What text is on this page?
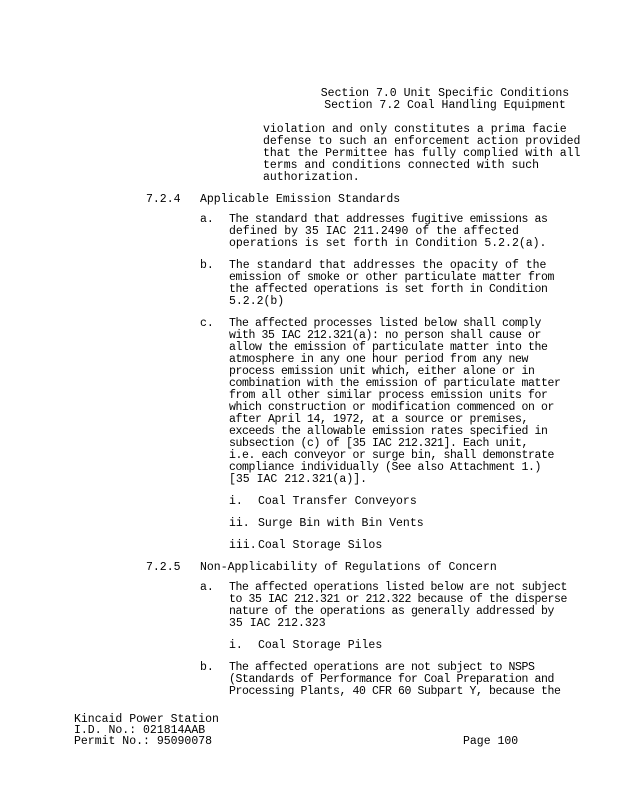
Section 7.0 Unit Specific Conditions
Section 7.2 Coal Handling Equipment
violation and only constitutes a prima facie
defense to such an enforcement action provided
that the Permittee has fully complied with all
terms and conditions connected with such
authorization.
7.2.4 Applicable Emission Standards
a. The standard that addresses fugitive emissions as
defined by 35 IAC 211.2490 of the affected
operations is set forth in Condition 5.2.2(a).
b. The standard that addresses the opacity of the
emission of smoke or other particulate matter from
the affected operations is set forth in Condition
5.2.2(b)
c. The affected processes listed below shall comply
with 35 IAC 212.321(a): no person shall cause or
allow the emission of particulate matter into the
atmosphere in any one hour period from any new
process emission unit which, either alone or in
combination with the emission of particulate matter
from all other similar process emission units for
which construction or modification commenced on or
after April 14, 1972, at a source or premises,
exceeds the allowable emission rates specified in
subsection (c) of [35 IAC 212.321]. Each unit,
i.e. each conveyor or surge bin, shall demonstrate
compliance individually (See also Attachment 1.)
[35 IAC 212.321(a)].
i. Coal Transfer Conveyors
ii. Surge Bin with Bin Vents
iii. Coal Storage Silos
7.2.5 Non-Applicability of Regulations of Concern
a. The affected operations listed below are not subject
to 35 IAC 212.321 or 212.322 because of the disperse
nature of the operations as generally addressed by
35 IAC 212.323
i. Coal Storage Piles
b. The affected operations are not subject to NSPS
(Standards of Performance for Coal Preparation and
Processing Plants, 40 CFR 60 Subpart Y, because the
Kincaid Power Station
I.D. No.: 021814AAB
Permit No.: 95090078	Page 100
